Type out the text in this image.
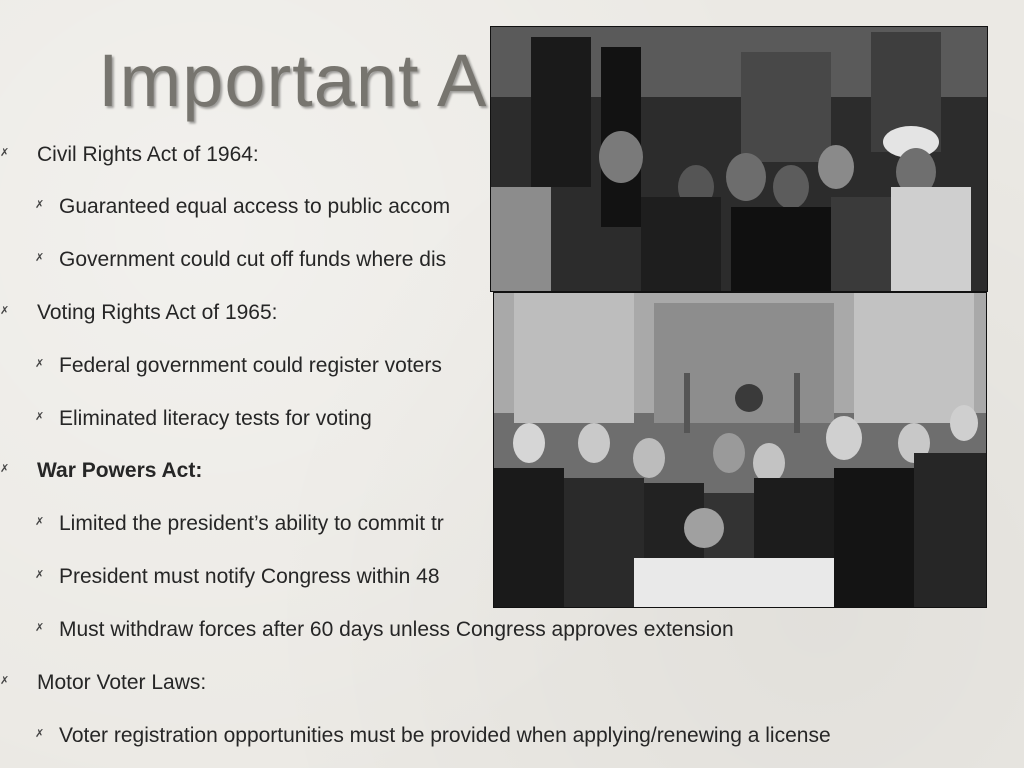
Important A
✗ Civil Rights Act of 1964:
✗ Guaranteed equal access to public accom
✗ Government could cut off funds where dis
✗ Voting Rights Act of 1965:
✗ Federal government could register voters
✗ Eliminated literacy tests for voting
✗ War Powers Act:
✗ Limited the president’s ability to commit tr
✗ President must notify Congress within 48
✗ Must withdraw forces after 60 days unless Congress approves extension
✗ Motor Voter Laws:
✗ Voter registration opportunities must be provided when applying/renewing a license
